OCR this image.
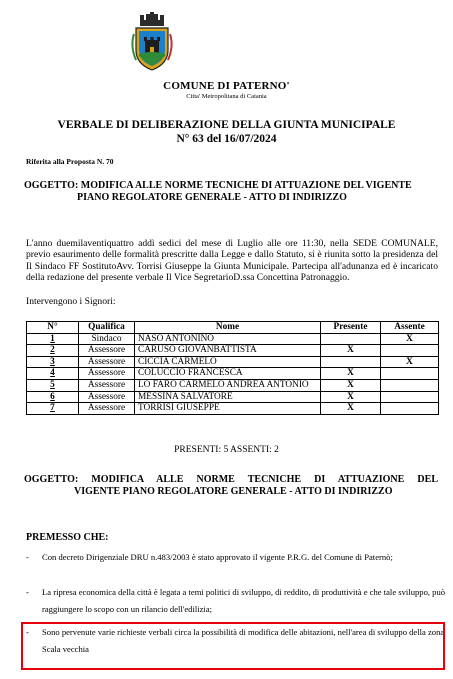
COMUNE DI PATERNO'
Citta' Metropolitana di Catania
VERBALE DI DELIBERAZIONE DELLA GIUNTA MUNICIPALE
N° 63 del 16/07/2024
Riferita alla Proposta N. 70
OGGETTO: MODIFICA ALLE NORME TECNICHE DI ATTUAZIONE DEL VIGENTE
PIANO REGOLATORE GENERALE - ATTO DI INDIRIZZO
L'anno duemilaventiquattro addì sedici del mese di Luglio alle ore 11:30, nella SEDE COMUNALE, previo esaurimento delle formalità prescritte dalla Legge e dallo Statuto, si è riunita sotto la presidenza del Il Sindaco FF SostitutoAvv. Torrisi Giuseppe la Giunta Municipale. Partecipa all'adunanza ed è incaricato della redazione del presente verbale Il Vice SegretarioD.ssa Concettina Patronaggio.
Intervengono i Signori:
N°	Qualifica	Nome	Presente	Assente
1	Sindaco	NASO ANTONINO		X
2	Assessore	CARUSO GIOVANBATTISTA	X	
3	Assessore	CICCIA CARMELO		X
4	Assessore	COLUCCIO FRANCESCA	X	
5	Assessore	LO FARO CARMELO ANDREA ANTONIO	X	
6	Assessore	MESSINA SALVATORE	X	
7	Assessore	TORRISI GIUSEPPE	X	
PRESENTI: 5 ASSENTI: 2
OGGETTO: MODIFICA ALLE NORME TECNICHE DI ATTUAZIONE DEL
VIGENTE PIANO REGOLATORE GENERALE - ATTO DI INDIRIZZO
PREMESSO CHE:
- Con decreto Dirigenziale DRU n.483/2003 è stato approvato il vigente P.R.G. del Comune di Paternò;
- La ripresa economica della città è legata a temi politici di sviluppo, di reddito, di produttività e che tale sviluppo, può raggiungere lo scopo con un rilancio dell'edilizia;
- Sono pervenute varie richieste verbali circa la possibilità di modifica delle abitazioni, nell'area di sviluppo della zona Scala vecchia
